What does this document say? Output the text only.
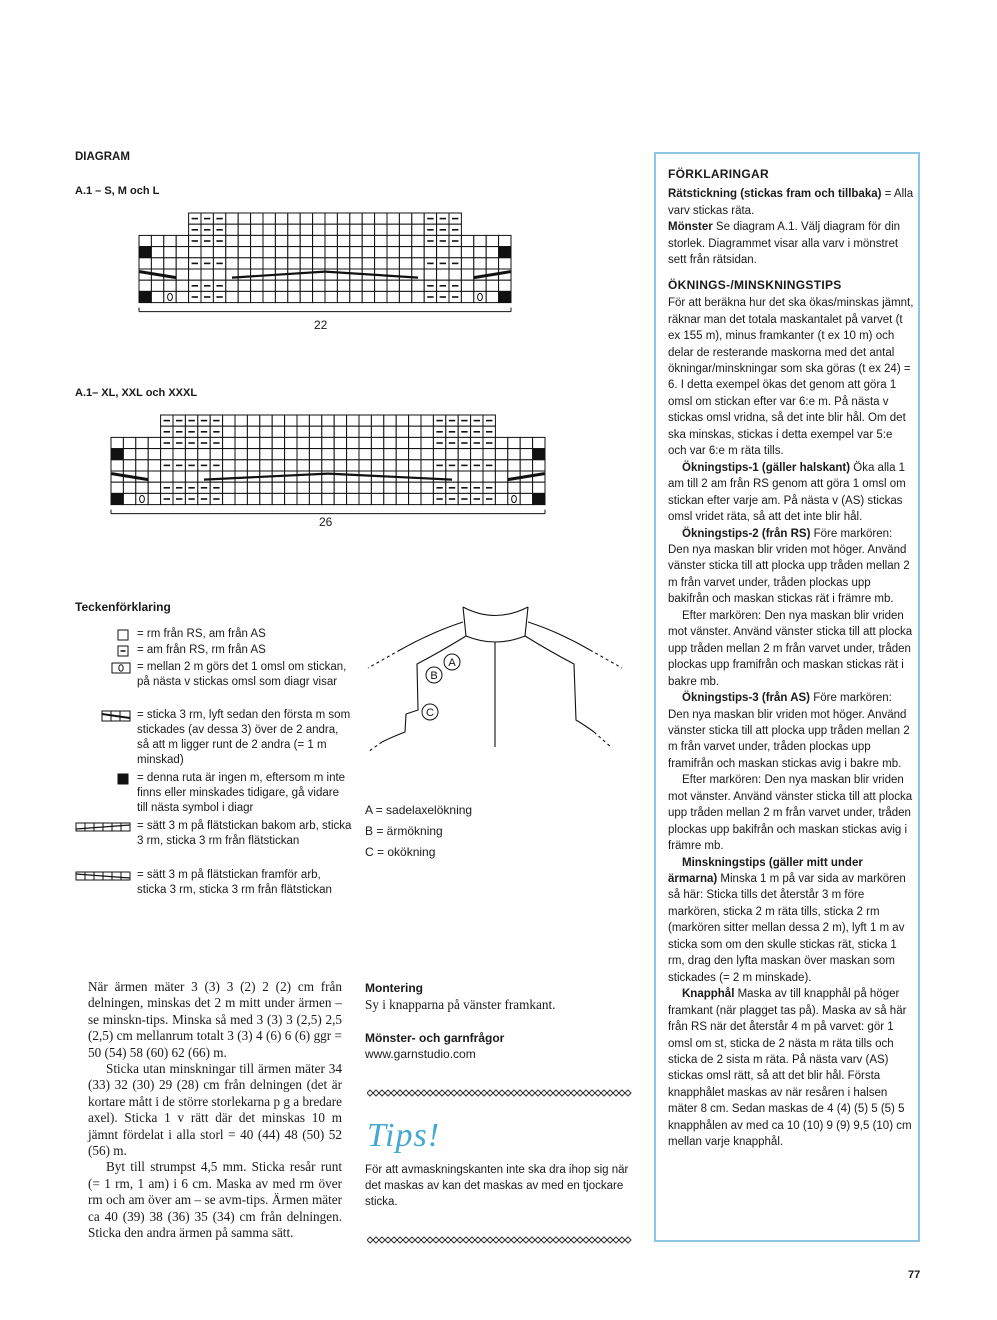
DIAGRAM
A.1 – S, M och L
22
A.1– XL, XXL och XXXL
26
Teckenförklaring
= rm från RS, am från AS
= am från RS, rm från AS
= mellan 2 m görs det 1 omsl om stickan, på nästa v stickas omsl som diagr visar
= sticka 3 rm, lyft sedan den första m som stickades (av dessa 3) över de 2 andra, så att m ligger runt de 2 andra (= 1 m minskad)
= denna ruta är ingen m, eftersom m inte finns eller minskades tidigare, gå vidare till nästa symbol i diagr
= sätt 3 m på flätstickan bakom arb, sticka 3 rm, sticka 3 rm från flätstickan
= sätt 3 m på flätstickan framför arb, sticka 3 rm, sticka 3 rm från flätstickan
A
B
C
A = sadelaxelökning
B = ärmökning
C = okökning

När ärmen mäter 3 (3) 3 (2) 2 (2) cm från delningen, minskas det 2 m mitt under ärmen – se minskn-tips. Minska så med 3 (3) 3 (2,5) 2,5 (2,5) cm mellanrum totalt 3 (3) 4 (6) 6 (6) ggr = 50 (54) 58 (60) 62 (66) m.

Sticka utan minskningar till ärmen mäter 34 (33) 32 (30) 29 (28) cm från delningen (det är kortare mått i de större storlekarna p g a bredare axel). Sticka 1 v rätt där det minskas 10 m jämnt fördelat i alla storl = 40 (44) 48 (50) 52 (56) m.

Byt till strumpst 4,5 mm. Sticka resår runt (= 1 rm, 1 am) i 6 cm. Maska av med rm över rm och am över am – se avm-tips. Ärmen mäter ca 40 (39) 38 (36) 35 (34) cm från delningen. Sticka den andra ärmen på samma sätt.

Montering
Sy i knapparna på vänster framkant.
Mönster- och garnfrågor
www.garnstudio.com
Tips!
För att avmaskningskanten inte ska dra ihop sig när det maskas av kan det maskas av med en tjockare sticka.
FÖRKLARINGAR

Rätstickning (stickas fram och tillbaka) = Alla varv stickas räta.

Mönster Se diagram A.1. Välj diagram för din storlek. Diagrammet visar alla varv i mönstret sett från rätsidan.

ÖKNINGS-/MINSKNINGSTIPS

För att beräkna hur det ska ökas/minskas jämnt, räknar man det totala maskantalet på varvet (t ex 155 m), minus framkanter (t ex 10 m) och delar de resterande maskorna med det antal ökningar/minskningar som ska göras (t ex 24) = 6. I detta exempel ökas det genom att göra 1 omsl om stickan efter var 6:e m. På nästa v stickas omsl vridna, så det inte blir hål. Om det ska minskas, stickas i detta exempel var 5:e och var 6:e m räta tills.

Ökningstips-1 (gäller halskant) Öka alla 1 am till 2 am från RS genom att göra 1 omsl om stickan efter varje am. På nästa v (AS) stickas omsl vridet räta, så att det inte blir hål.

Ökningstips-2 (från RS) Före markören: Den nya maskan blir vriden mot höger. Använd vänster sticka till att plocka upp tråden mellan 2 m från varvet under, tråden plockas upp bakifrån och maskan stickas rät i främre mb.

Efter markören: Den nya maskan blir vriden mot vänster. Använd vänster sticka till att plocka upp tråden mellan 2 m från varvet under, tråden plockas upp framifrån och maskan stickas rät i bakre mb.

Ökningstips-3 (från AS) Före markören: Den nya maskan blir vriden mot höger. Använd vänster sticka till att plocka upp tråden mellan 2 m från varvet under, tråden plockas upp framifrån och maskan stickas avig i bakre mb.

Efter markören: Den nya maskan blir vriden mot vänster. Använd vänster sticka till att plocka upp tråden mellan 2 m från varvet under, tråden plockas upp bakifrån och maskan stickas avig i främre mb.

Minskningstips (gäller mitt under ärmarna) Minska 1 m på var sida av markören så här: Sticka tills det återstår 3 m före markören, sticka 2 m räta tills, sticka 2 rm (markören sitter mellan dessa 2 m), lyft 1 m av sticka som om den skulle stickas rät, sticka 1 rm, drag den lyfta maskan över maskan som stickades (= 2 m minskade).

Knapphål Maska av till knapphål på höger framkant (när plagget tas på). Maska av så här från RS när det återstår 4 m på varvet: gör 1 omsl om st, sticka de 2 nästa m räta tills och sticka de 2 sista m räta. På nästa varv (AS) stickas omsl rätt, så att det blir hål. Första knapphålet maskas av när resåren i halsen mäter 8 cm. Sedan maskas de 4 (4) (5) 5 (5) 5 knapphålen av med ca 10 (10) 9 (9) 9,5 (10) cm mellan varje knapphål.

77
